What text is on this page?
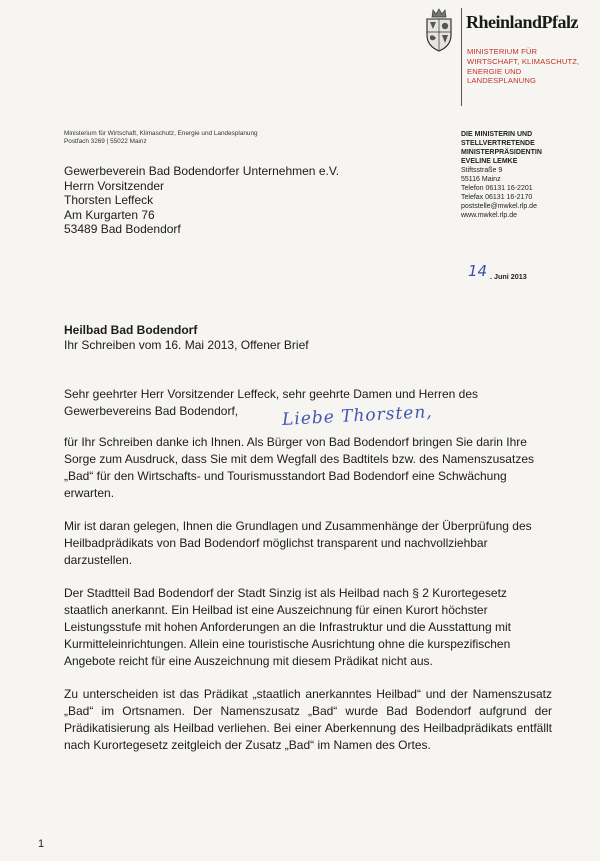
RheinlandPfalz
MINISTERIUM FÜR
WIRTSCHAFT, KLIMASCHUTZ,
ENERGIE UND
LANDESPLANUNG
Ministerium für Wirtschaft, Klimaschutz, Energie und Landesplanung
Postfach 3269 | 55022 Mainz
Gewerbeverein Bad Bodendorfer Unternehmen e.V.
Herrn Vorsitzender
Thorsten Leffeck
Am Kurgarten 76
53489 Bad Bodendorf
DIE MINISTERIN UND
STELLVERTRETENDE
MINISTERPRÄSIDENTIN
EVELINE LEMKE
Stiftsstraße 9
55116 Mainz
Telefon 06131 16-2201
Telefax 06131 16-2170
poststelle@mwkel.rlp.de
www.mwkel.rlp.de
14 . Juni 2013
Heilbad Bad Bodendorf
Ihr Schreiben vom 16. Mai 2013, Offener Brief

Sehr geehrter Herr Vorsitzender Leffeck, sehr geehrte Damen und Herren des Gewerbevereins Bad Bodendorf,

für Ihr Schreiben danke ich Ihnen. Als Bürger von Bad Bodendorf bringen Sie darin Ihre Sorge zum Ausdruck, dass Sie mit dem Wegfall des Badtitels bzw. des Namenszusatzes „Bad“ für den Wirtschafts- und Tourismusstandort Bad Bodendorf eine Schwächung erwarten.

Mir ist daran gelegen, Ihnen die Grundlagen und Zusammenhänge der Überprüfung des Heilbadprädikats von Bad Bodendorf möglichst transparent und nachvollziehbar darzustellen.

Der Stadtteil Bad Bodendorf der Stadt Sinzig ist als Heilbad nach § 2 Kurortegesetz staatlich anerkannt. Ein Heilbad ist eine Auszeichnung für einen Kurort höchster Leistungsstufe mit hohen Anforderungen an die Infrastruktur und die Ausstattung mit Kurmitteleinrichtungen. Allein eine touristische Ausrichtung ohne die kurspezifischen Angebote reicht für eine Auszeichnung mit diesem Prädikat nicht aus.

Zu unterscheiden ist das Prädikat „staatlich anerkanntes Heilbad“ und der Namenszusatz „Bad“ im Ortsnamen. Der Namenszusatz „Bad“ wurde Bad Bodendorf aufgrund der Prädikatisierung als Heilbad verliehen. Bei einer Aberkennung des Heilbadprädikats entfällt nach Kurortegesetz zeitgleich der Zusatz „Bad“ im Namen des Ortes.

Liebe Thorsten,
1
